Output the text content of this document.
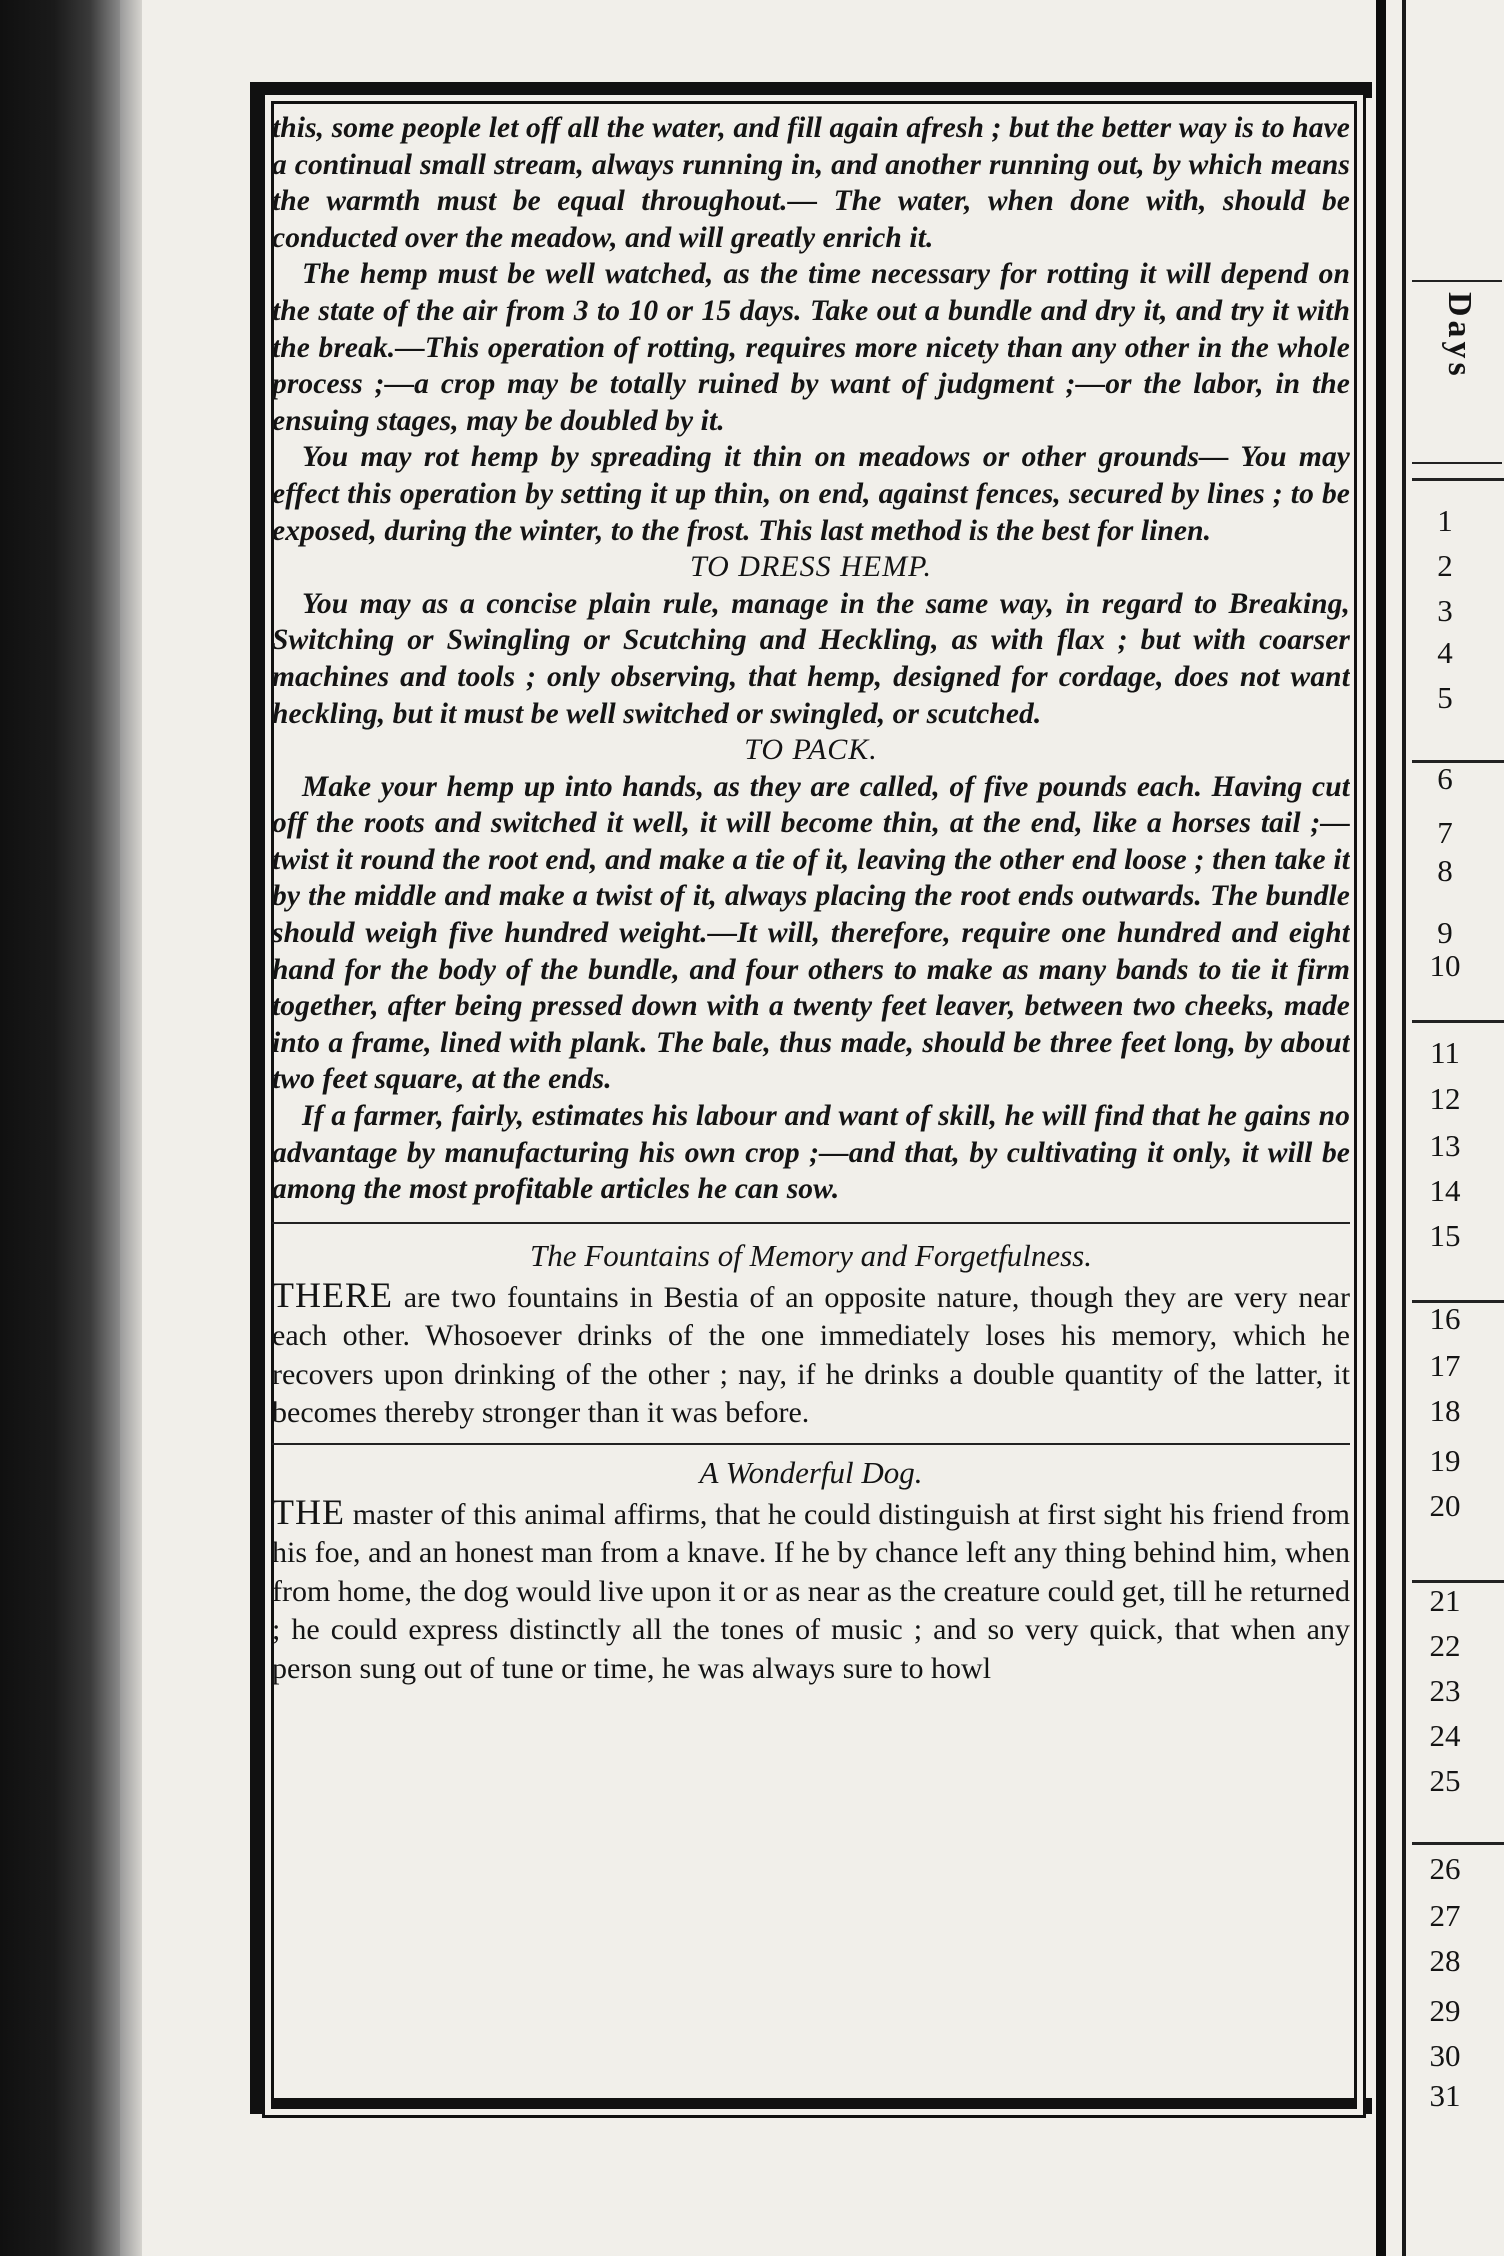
this, some people let off all the water, and fill again afresh ; but the better way is to have a continual small stream, always running in, and another running out, by which means the warmth must be equal throughout.— The water, when done with, should be conducted over the meadow, and will greatly enrich it.

The hemp must be well watched, as the time necessary for rotting it will depend on the state of the air from 3 to 10 or 15 days. Take out a bundle and dry it, and try it with the break.—This operation of rotting, requires more nicety than any other in the whole process ;—a crop may be totally ruined by want of judgment ;—or the labor, in the ensuing stages, may be doubled by it.

You may rot hemp by spreading it thin on meadows or other grounds— You may effect this operation by setting it up thin, on end, against fences, secured by lines ; to be exposed, during the winter, to the frost. This last method is the best for linen.

TO DRESS HEMP.

You may as a concise plain rule, manage in the same way, in regard to Breaking, Switching or Swingling or Scutching and Heckling, as with flax ; but with coarser machines and tools ; only observing, that hemp, designed for cordage, does not want heckling, but it must be well switched or swingled, or scutched.

TO PACK.

Make your hemp up into hands, as they are called, of five pounds each. Having cut off the roots and switched it well, it will become thin, at the end, like a horses tail ;—twist it round the root end, and make a tie of it, leaving the other end loose ; then take it by the middle and make a twist of it, always placing the root ends outwards. The bundle should weigh five hundred weight.—It will, therefore, require one hundred and eight hand for the body of the bundle, and four others to make as many bands to tie it firm together, after being pressed down with a twenty feet leaver, between two cheeks, made into a frame, lined with plank. The bale, thus made, should be three feet long, by about two feet square, at the ends.

If a farmer, fairly, estimates his labour and want of skill, he will find that he gains no advantage by manufacturing his own crop ;—and that, by cultivating it only, it will be among the most profitable articles he can sow.

The Fountains of Memory and Forgetfulness.

THERE are two fountains in Bestia of an opposite nature, though they are very near each other. Whosoever drinks of the one immediately loses his memory, which he recovers upon drinking of the other ; nay, if he drinks a double quantity of the latter, it becomes thereby stronger than it was before.

A Wonderful Dog.

THE master of this animal affirms, that he could distinguish at first sight his friend from his foe, and an honest man from a knave. If he by chance left any thing behind him, when from home, the dog would live upon it or as near as the creature could get, till he returned ; he could express distinctly all the tones of music ; and so very quick, that when any person sung out of tune or time, he was always sure to howl

Days
1
2
3
4
5
6
7
8
9
10
11
12
13
14
15
16
17
18
19
20
21
22
23
24
25
26
27
28
29
30
31
